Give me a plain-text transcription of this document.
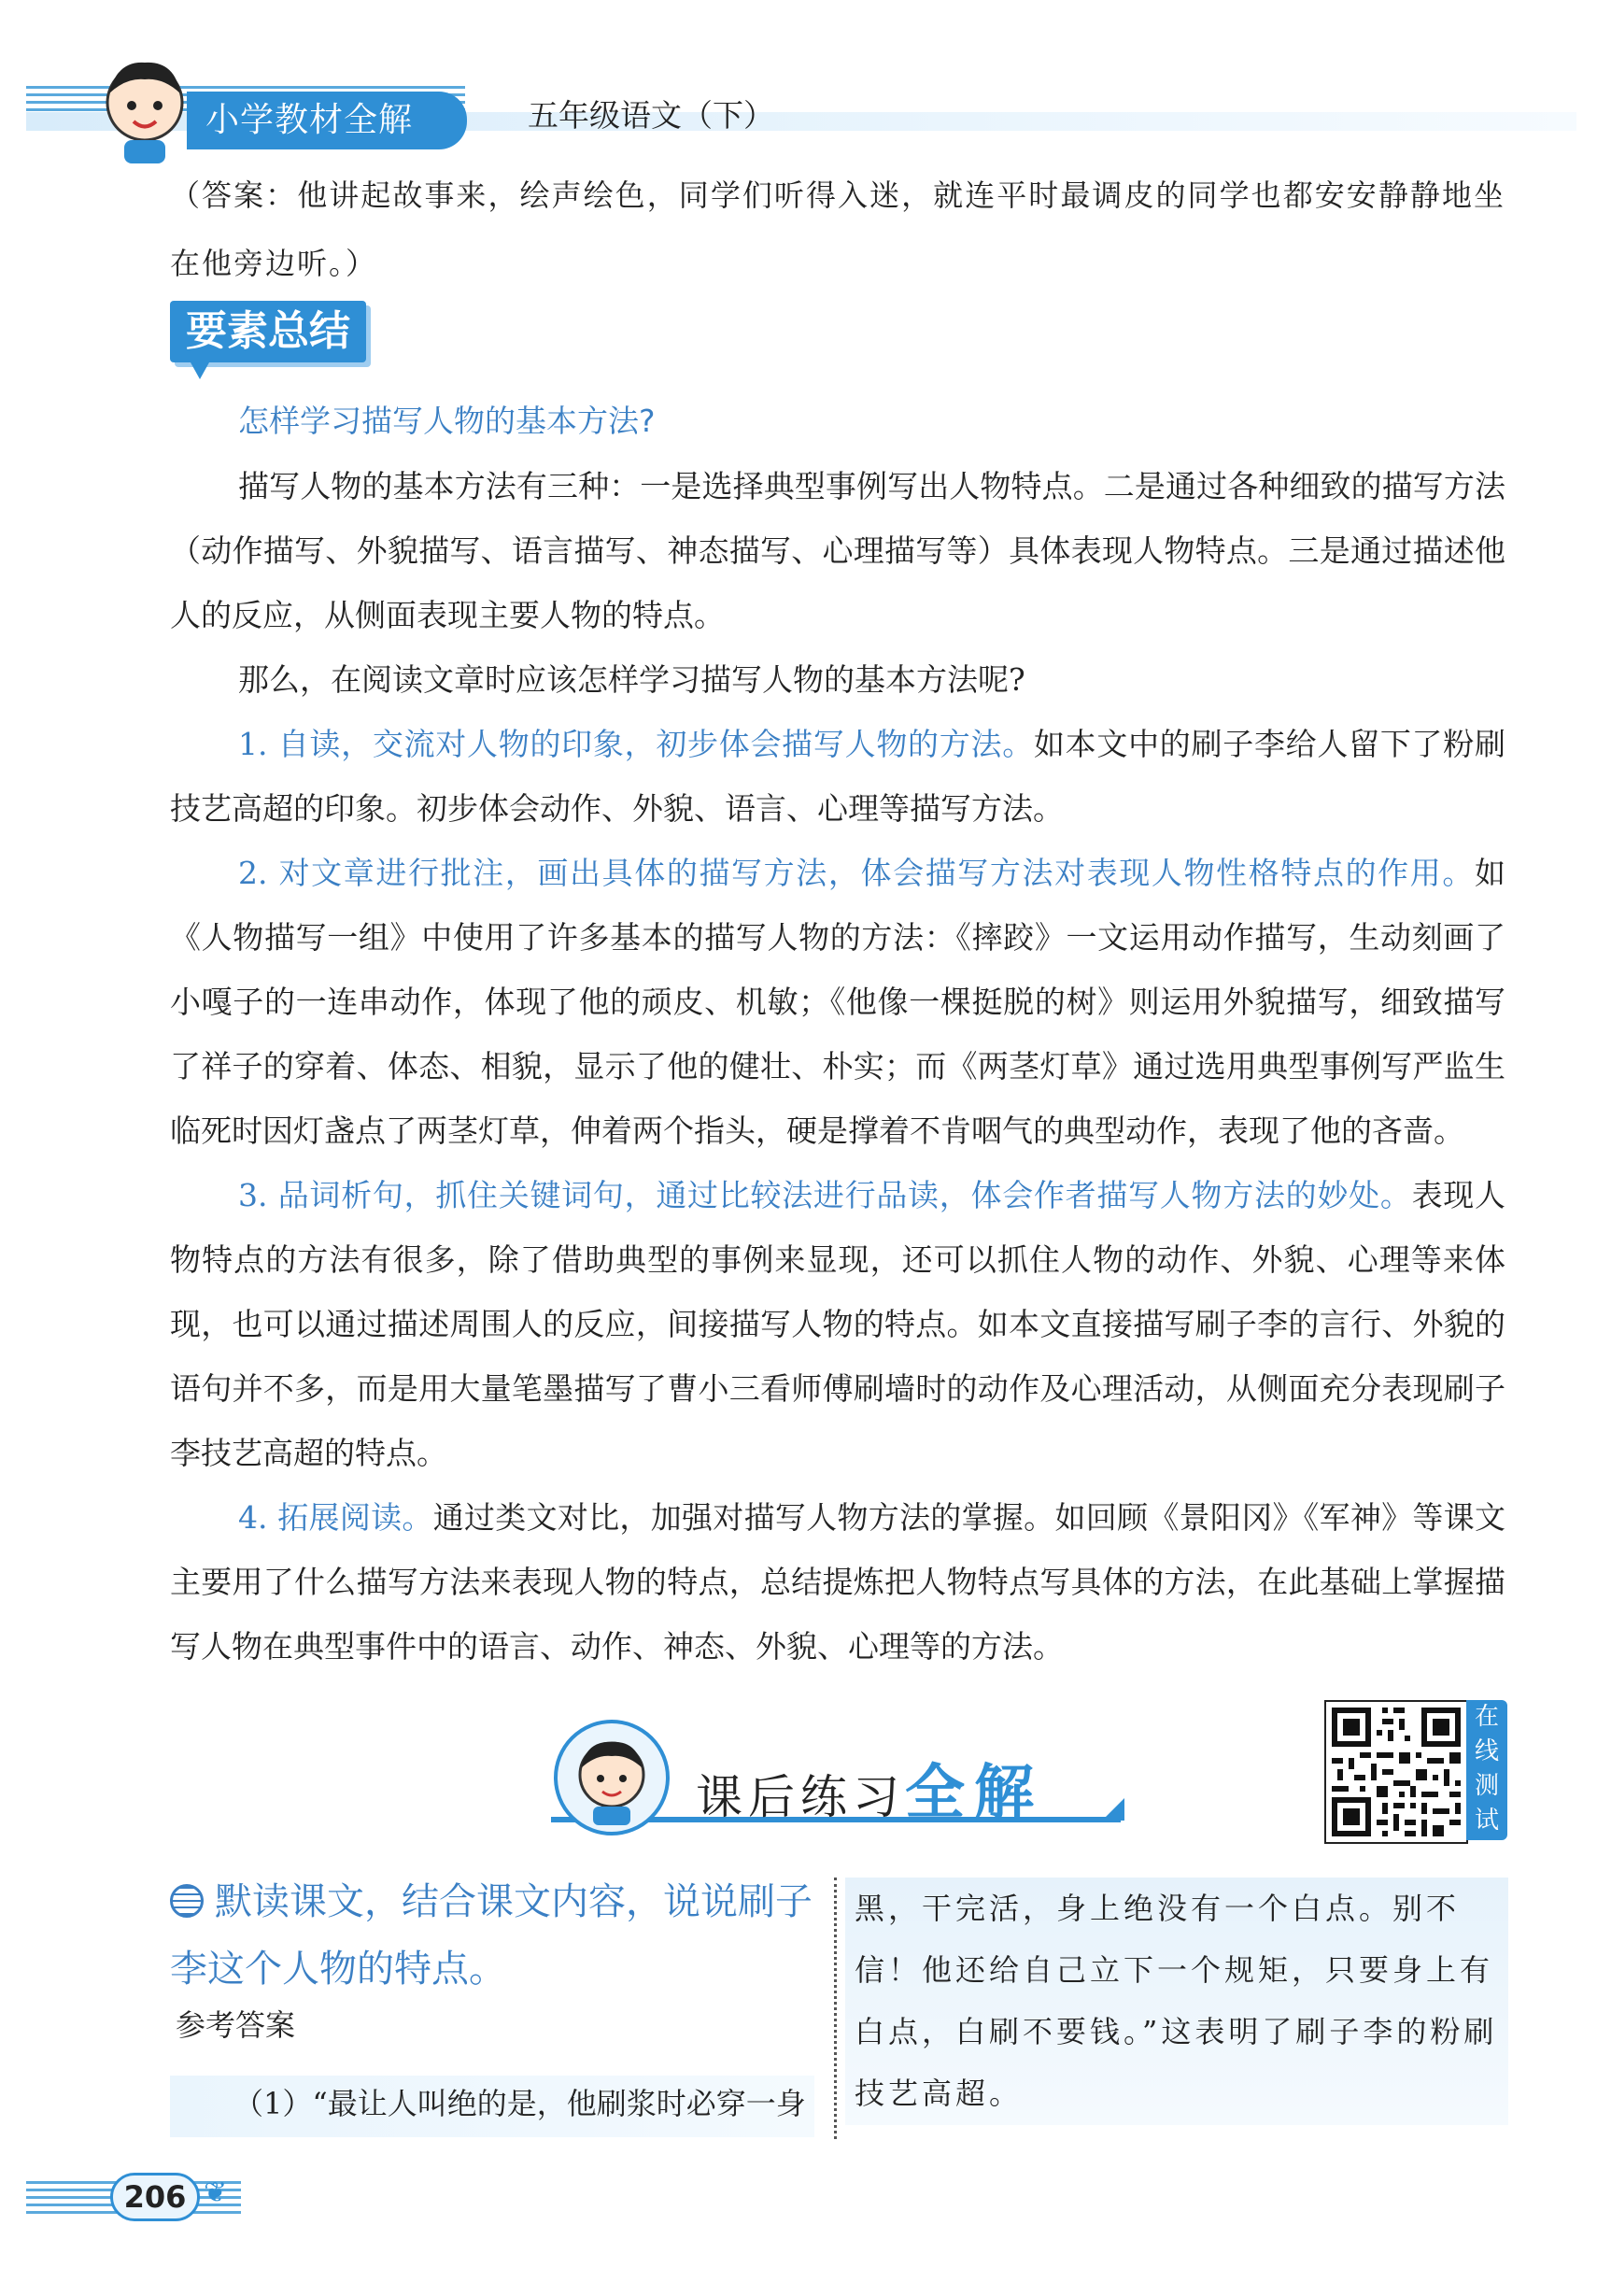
小学教材全解	五年级语文（下）
（答案：他讲起故事来，绘声绘色，同学们听得入迷，就连平时最调皮的同学也都安安静静地坐在他旁边听。）
要素总结
怎样学习描写人物的基本方法?
描写人物的基本方法有三种：一是选择典型事例写出人物特点。二是通过各种细致的描写方法（动作描写、外貌描写、语言描写、神态描写、心理描写等）具体表现人物特点。三是通过描述他人的反应，从侧面表现主要人物的特点。
那么，在阅读文章时应该怎样学习描写人物的基本方法呢?
1. 自读，交流对人物的印象，初步体会描写人物的方法。如本文中的刷子李给人留下了粉刷技艺高超的印象。初步体会动作、外貌、语言、心理等描写方法。
2. 对文章进行批注，画出具体的描写方法，体会描写方法对表现人物性格特点的作用。如《人物描写一组》中使用了许多基本的描写人物的方法：《摔跤》一文运用动作描写，生动刻画了小嘎子的一连串动作，体现了他的顽皮、机敏；《他像一棵挺脱的树》则运用外貌描写，细致描写了祥子的穿着、体态、相貌，显示了他的健壮、朴实；而《两茎灯草》通过选用典型事例写严监生临死时因灯盏点了两茎灯草，伸着两个指头，硬是撑着不肯咽气的典型动作，表现了他的吝啬。
3. 品词析句，抓住关键词句，通过比较法进行品读，体会作者描写人物方法的妙处。表现人物特点的方法有很多，除了借助典型的事例来显现，还可以抓住人物的动作、外貌、心理等来体现，也可以通过描述周围人的反应，间接描写人物的特点。如本文直接描写刷子李的言行、外貌的语句并不多，而是用大量笔墨描写了曹小三看师傅刷墙时的动作及心理活动，从侧面充分表现刷子李技艺高超的特点。
4. 拓展阅读。通过类文对比，加强对描写人物方法的掌握。如回顾《景阳冈》《军神》等课文主要用了什么描写方法来表现人物的特点，总结提炼把人物特点写具体的方法，在此基础上掌握描写人物在典型事件中的语言、动作、神态、外貌、心理等的方法。
课后练习全解
在
线
测
试
默读课文，结合课文内容，说说刷子李这个人物的特点。
参考答案
（1）“最让人叫绝的是，他刷浆时必穿一身
黑，干完活，身上绝没有一个白点。别不信！他还给自己立下一个规矩，只要身上有白点，白刷不要钱。”这表明了刷子李的粉刷技艺高超。
206 ❦
